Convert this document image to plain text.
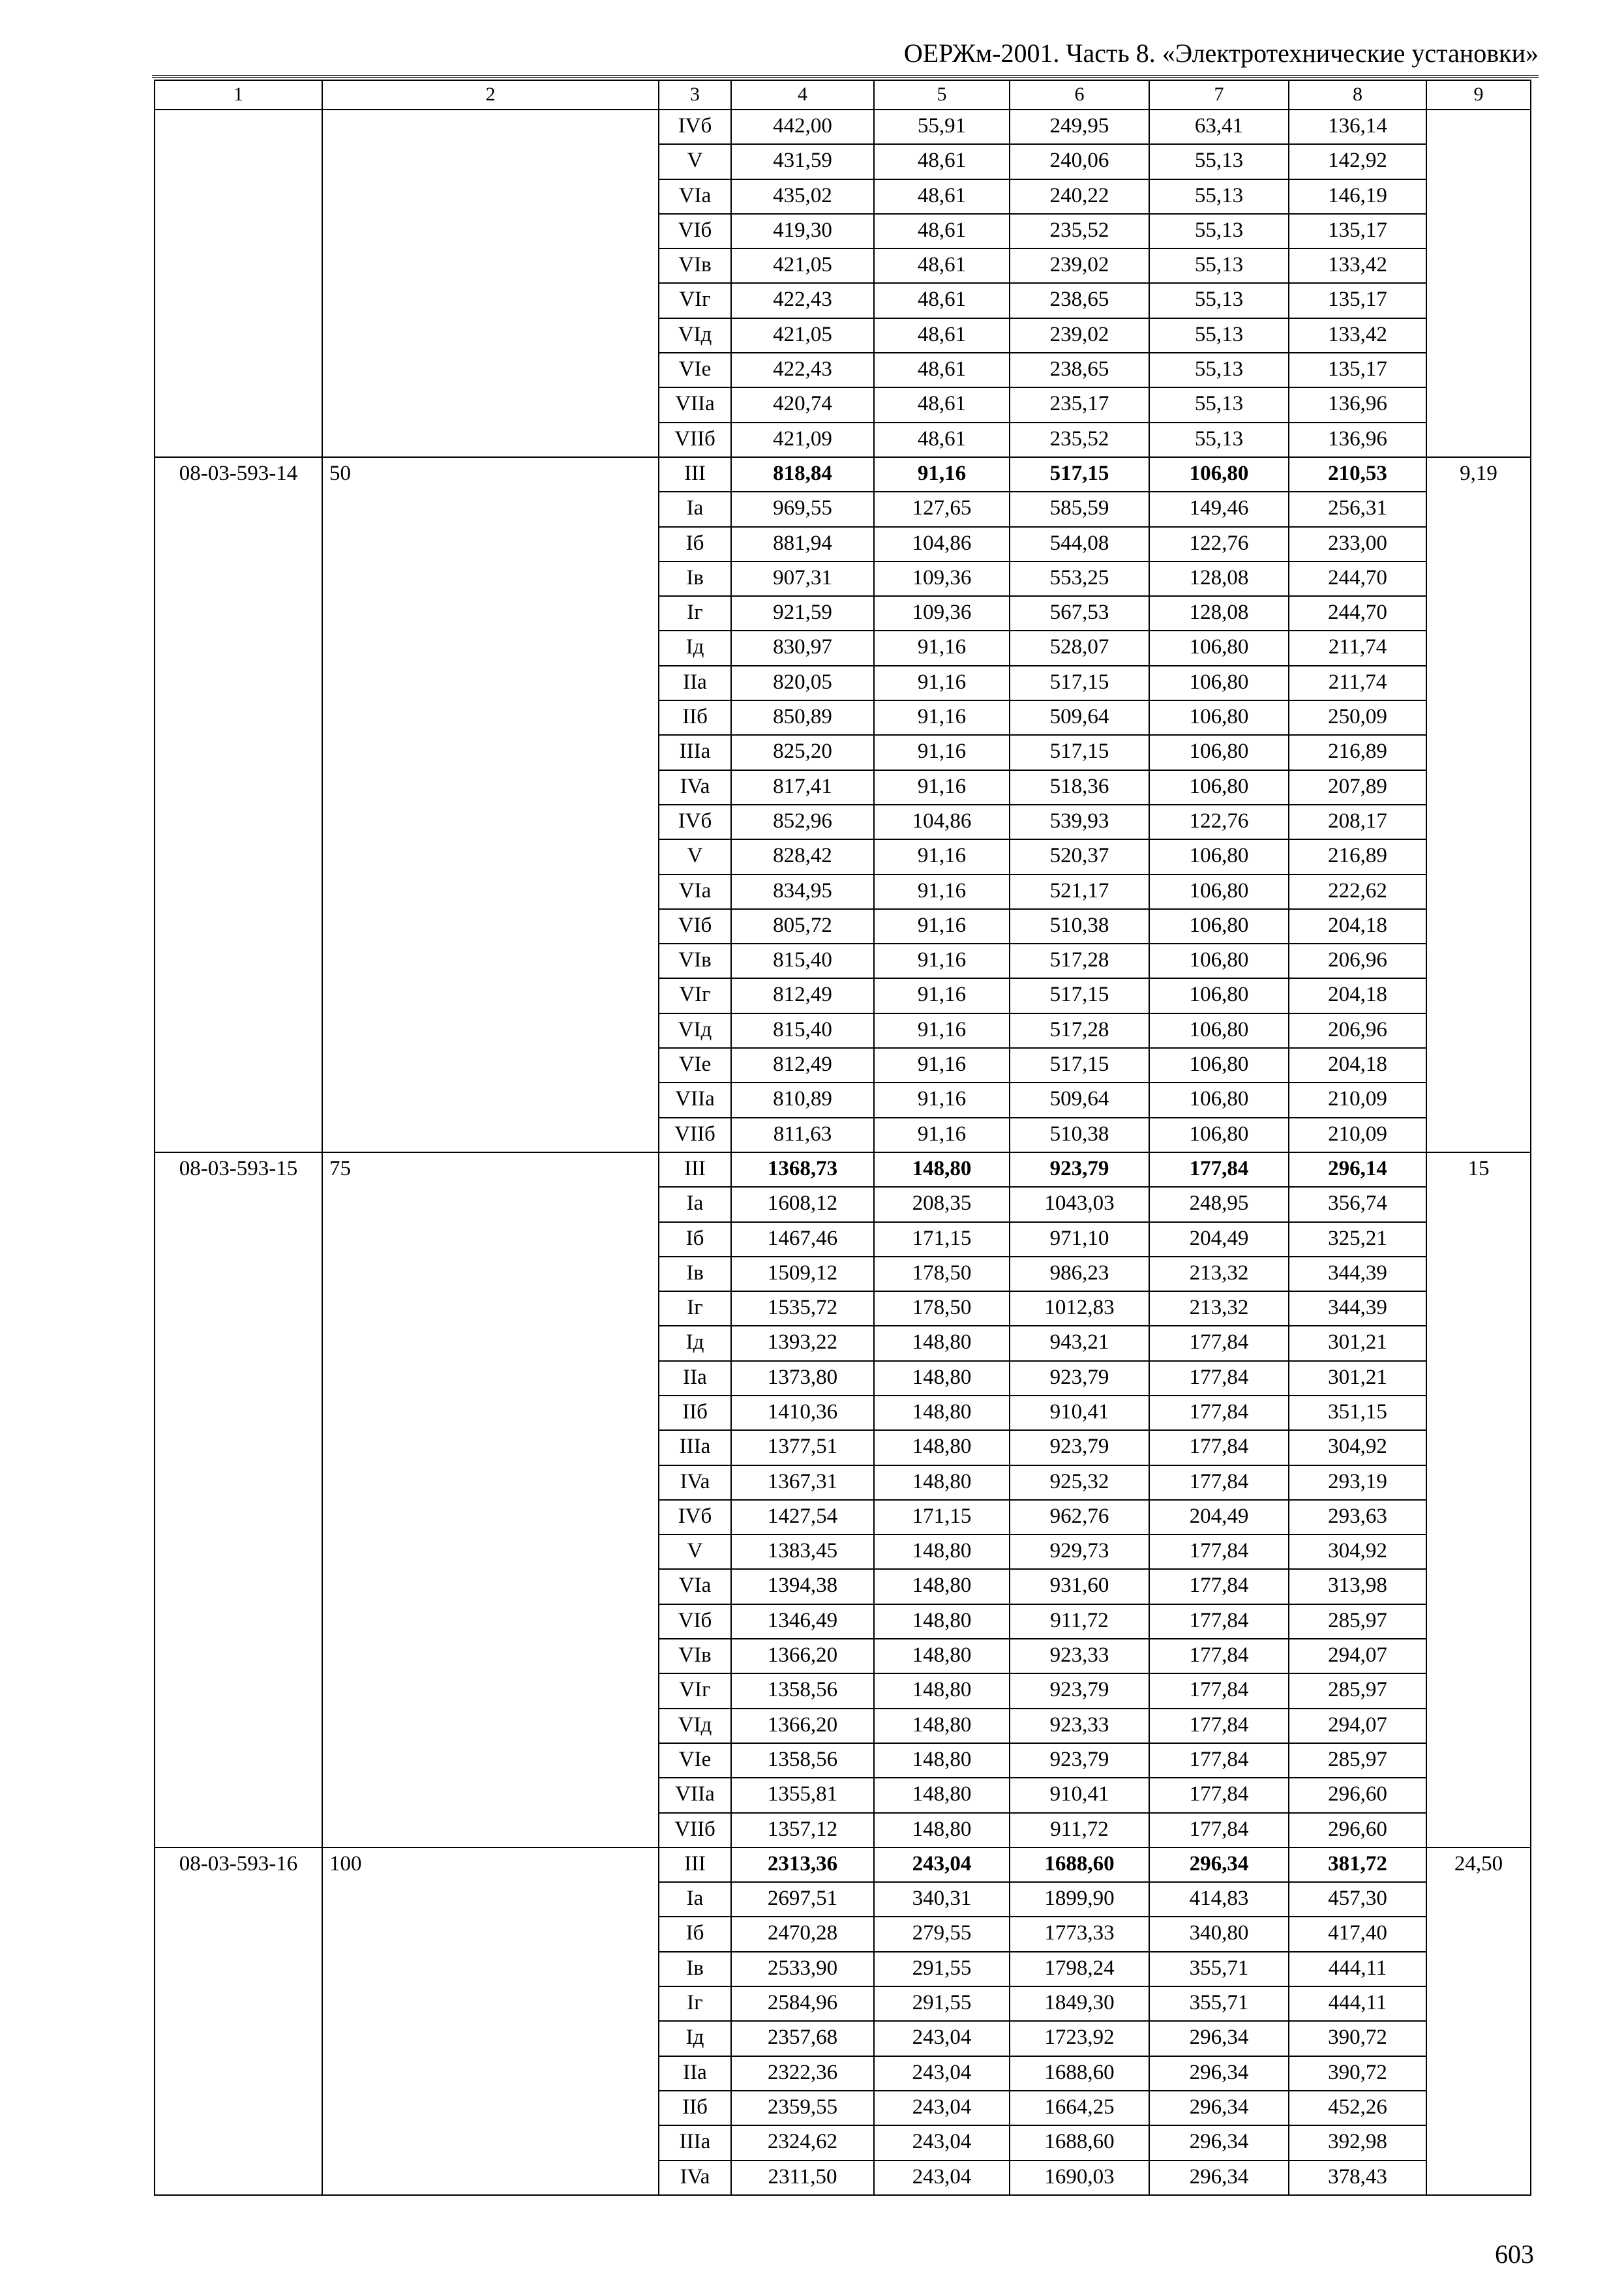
ОЕРЖм-2001. Часть 8. «Электротехнические установки»
1	2	3	4	5	6	7	8	9
		IVб	442,00	55,91	249,95	63,41	136,14	
		V	431,59	48,61	240,06	55,13	142,92	
		VIa	435,02	48,61	240,22	55,13	146,19	
		VIб	419,30	48,61	235,52	55,13	135,17	
		VIв	421,05	48,61	239,02	55,13	133,42	
		VIг	422,43	48,61	238,65	55,13	135,17	
		VIд	421,05	48,61	239,02	55,13	133,42	
		VIe	422,43	48,61	238,65	55,13	135,17	
		VIIa	420,74	48,61	235,17	55,13	136,96	
		VIIб	421,09	48,61	235,52	55,13	136,96	
08-03-593-14	50	III	818,84	91,16	517,15	106,80	210,53	9,19
		Ia	969,55	127,65	585,59	149,46	256,31	
		Iб	881,94	104,86	544,08	122,76	233,00	
		Iв	907,31	109,36	553,25	128,08	244,70	
		Iг	921,59	109,36	567,53	128,08	244,70	
		Iд	830,97	91,16	528,07	106,80	211,74	
		IIa	820,05	91,16	517,15	106,80	211,74	
		IIб	850,89	91,16	509,64	106,80	250,09	
		IIIa	825,20	91,16	517,15	106,80	216,89	
		IVa	817,41	91,16	518,36	106,80	207,89	
		IVб	852,96	104,86	539,93	122,76	208,17	
		V	828,42	91,16	520,37	106,80	216,89	
		VIa	834,95	91,16	521,17	106,80	222,62	
		VIб	805,72	91,16	510,38	106,80	204,18	
		VIв	815,40	91,16	517,28	106,80	206,96	
		VIг	812,49	91,16	517,15	106,80	204,18	
		VIд	815,40	91,16	517,28	106,80	206,96	
		VIe	812,49	91,16	517,15	106,80	204,18	
		VIIa	810,89	91,16	509,64	106,80	210,09	
		VIIб	811,63	91,16	510,38	106,80	210,09	
08-03-593-15	75	III	1368,73	148,80	923,79	177,84	296,14	15
		Ia	1608,12	208,35	1043,03	248,95	356,74	
		Iб	1467,46	171,15	971,10	204,49	325,21	
		Iв	1509,12	178,50	986,23	213,32	344,39	
		Iг	1535,72	178,50	1012,83	213,32	344,39	
		Iд	1393,22	148,80	943,21	177,84	301,21	
		IIa	1373,80	148,80	923,79	177,84	301,21	
		IIб	1410,36	148,80	910,41	177,84	351,15	
		IIIa	1377,51	148,80	923,79	177,84	304,92	
		IVa	1367,31	148,80	925,32	177,84	293,19	
		IVб	1427,54	171,15	962,76	204,49	293,63	
		V	1383,45	148,80	929,73	177,84	304,92	
		VIa	1394,38	148,80	931,60	177,84	313,98	
		VIб	1346,49	148,80	911,72	177,84	285,97	
		VIв	1366,20	148,80	923,33	177,84	294,07	
		VIг	1358,56	148,80	923,79	177,84	285,97	
		VIд	1366,20	148,80	923,33	177,84	294,07	
		VIe	1358,56	148,80	923,79	177,84	285,97	
		VIIa	1355,81	148,80	910,41	177,84	296,60	
		VIIб	1357,12	148,80	911,72	177,84	296,60	
08-03-593-16	100	III	2313,36	243,04	1688,60	296,34	381,72	24,50
		Ia	2697,51	340,31	1899,90	414,83	457,30	
		Iб	2470,28	279,55	1773,33	340,80	417,40	
		Iв	2533,90	291,55	1798,24	355,71	444,11	
		Iг	2584,96	291,55	1849,30	355,71	444,11	
		Iд	2357,68	243,04	1723,92	296,34	390,72	
		IIa	2322,36	243,04	1688,60	296,34	390,72	
		IIб	2359,55	243,04	1664,25	296,34	452,26	
		IIIa	2324,62	243,04	1688,60	296,34	392,98	
		IVa	2311,50	243,04	1690,03	296,34	378,43	
603
